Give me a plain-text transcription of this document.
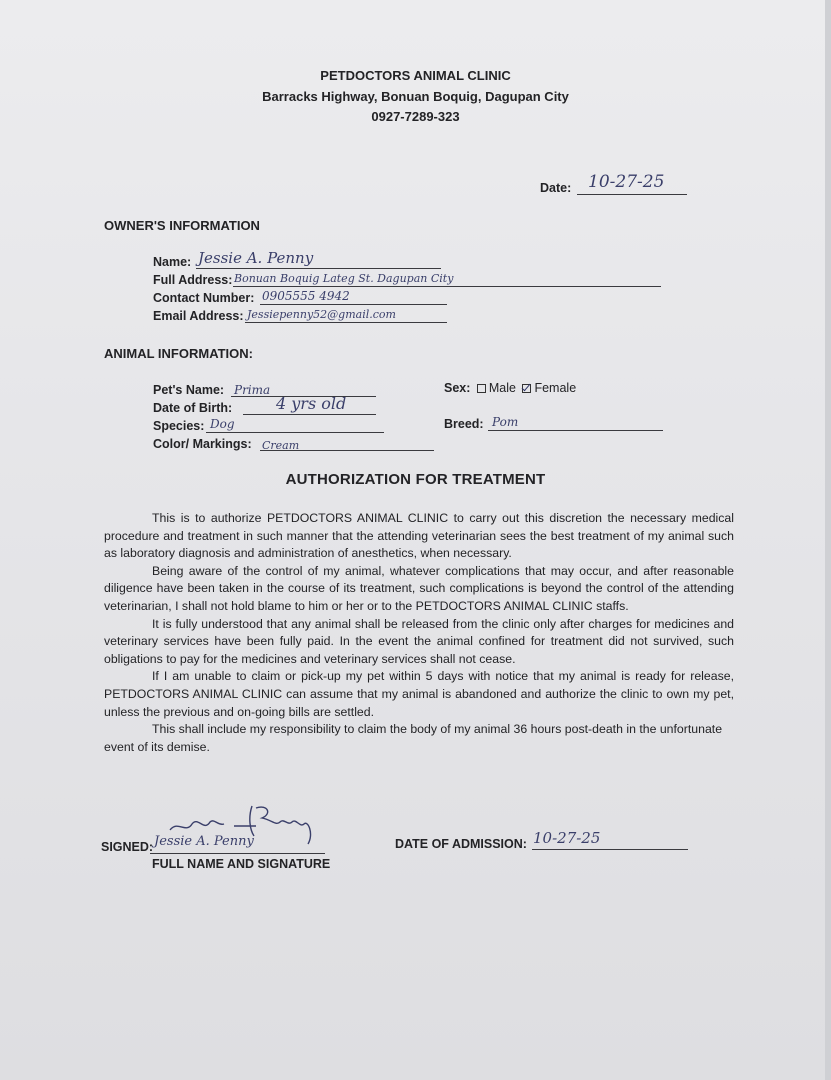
PETDOCTORS ANIMAL CLINIC
Barracks Highway, Bonuan Boquig, Dagupan City
0927-7289-323
Date: 10-27-25
OWNER'S INFORMATION
Name: Jessie A. Penny
Full Address: Bonuan Boquig Lateg St. Dagupan City
Contact Number: 0905555 4942
Email Address: Jessiepenny52@gmail.com
ANIMAL INFORMATION:
Pet's Name: Prima
Date of Birth:	4 yrs old
Species: Dog
Color/ Markings: Cream
Sex: Male Female
Breed: Pom
AUTHORIZATION FOR TREATMENT

This is to authorize PETDOCTORS ANIMAL CLINIC to carry out this discretion the necessary medical procedure and treatment in such manner that the attending veterinarian sees the best treatment of my animal such as laboratory diagnosis and administration of anesthetics, when necessary.

Being aware of the control of my animal, whatever complications that may occur, and after reasonable diligence have been taken in the course of its treatment, such complications is beyond the control of the attending veterinarian, I shall not hold blame to him or her or to the PETDOCTORS ANIMAL CLINIC staffs.

It is fully understood that any animal shall be released from the clinic only after charges for medicines and veterinary services have been fully paid. In the event the animal confined for treatment did not survived, such obligations to pay for the medicines and veterinary services shall not cease.

If I am unable to claim or pick-up my pet within 5 days with notice that my animal is ready for release, PETDOCTORS ANIMAL CLINIC can assume that my animal is abandoned and authorize the clinic to own my pet, unless the previous and on-going bills are settled.

This shall include my responsibility to claim the body of my animal 36 hours post-death in the unfortunate event of its demise.

SIGNED: Jessie A. Penny
FULL NAME AND SIGNATURE
DATE OF ADMISSION: 10-27-25
